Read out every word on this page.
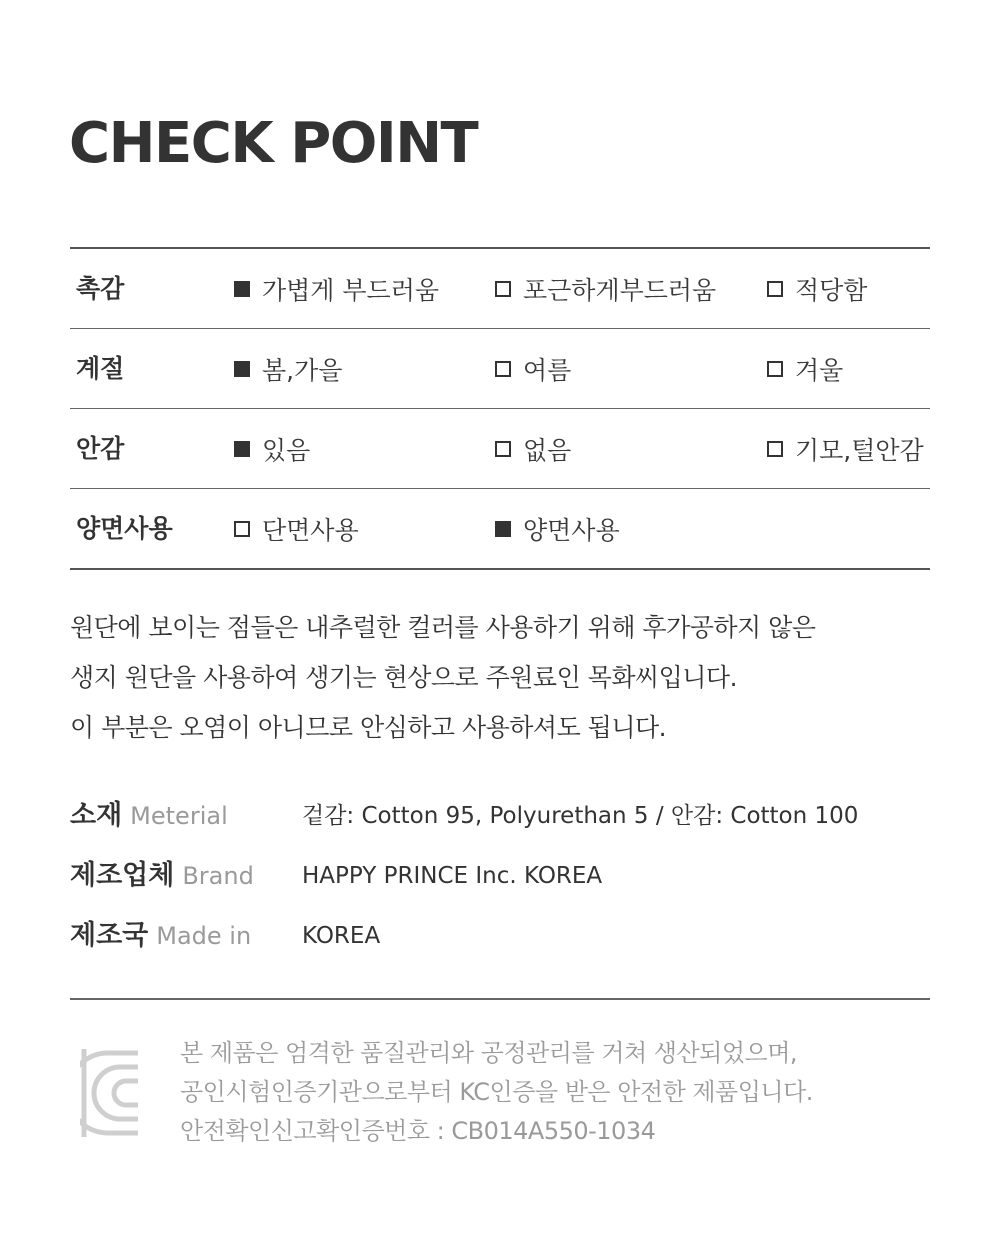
CHECK POINT
촉감	가볍게 부드러움	포근하게부드러움	적당함
계절	봄,가을	여름	겨울
안감	있음	없음	기모,털안감
양면사용	단면사용	양면사용
원단에 보이는 점들은 내추럴한 컬러를 사용하기 위해 후가공하지 않은
생지 원단을 사용하여 생기는 현상으로 주원료인 목화씨입니다.
이 부분은 오염이 아니므로 안심하고 사용하셔도 됩니다.
소재 Meterial	겉감: Cotton 95, Polyurethan 5 / 안감: Cotton 100
제조업체 Brand HAPPY PRINCE Inc. KOREA
제조국 Made in KOREA
본 제품은 엄격한 품질관리와 공정관리를 거쳐 생산되었으며,
공인시험인증기관으로부터 KC인증을 받은 안전한 제품입니다.
안전확인신고확인증번호 : CB014A550-1034
